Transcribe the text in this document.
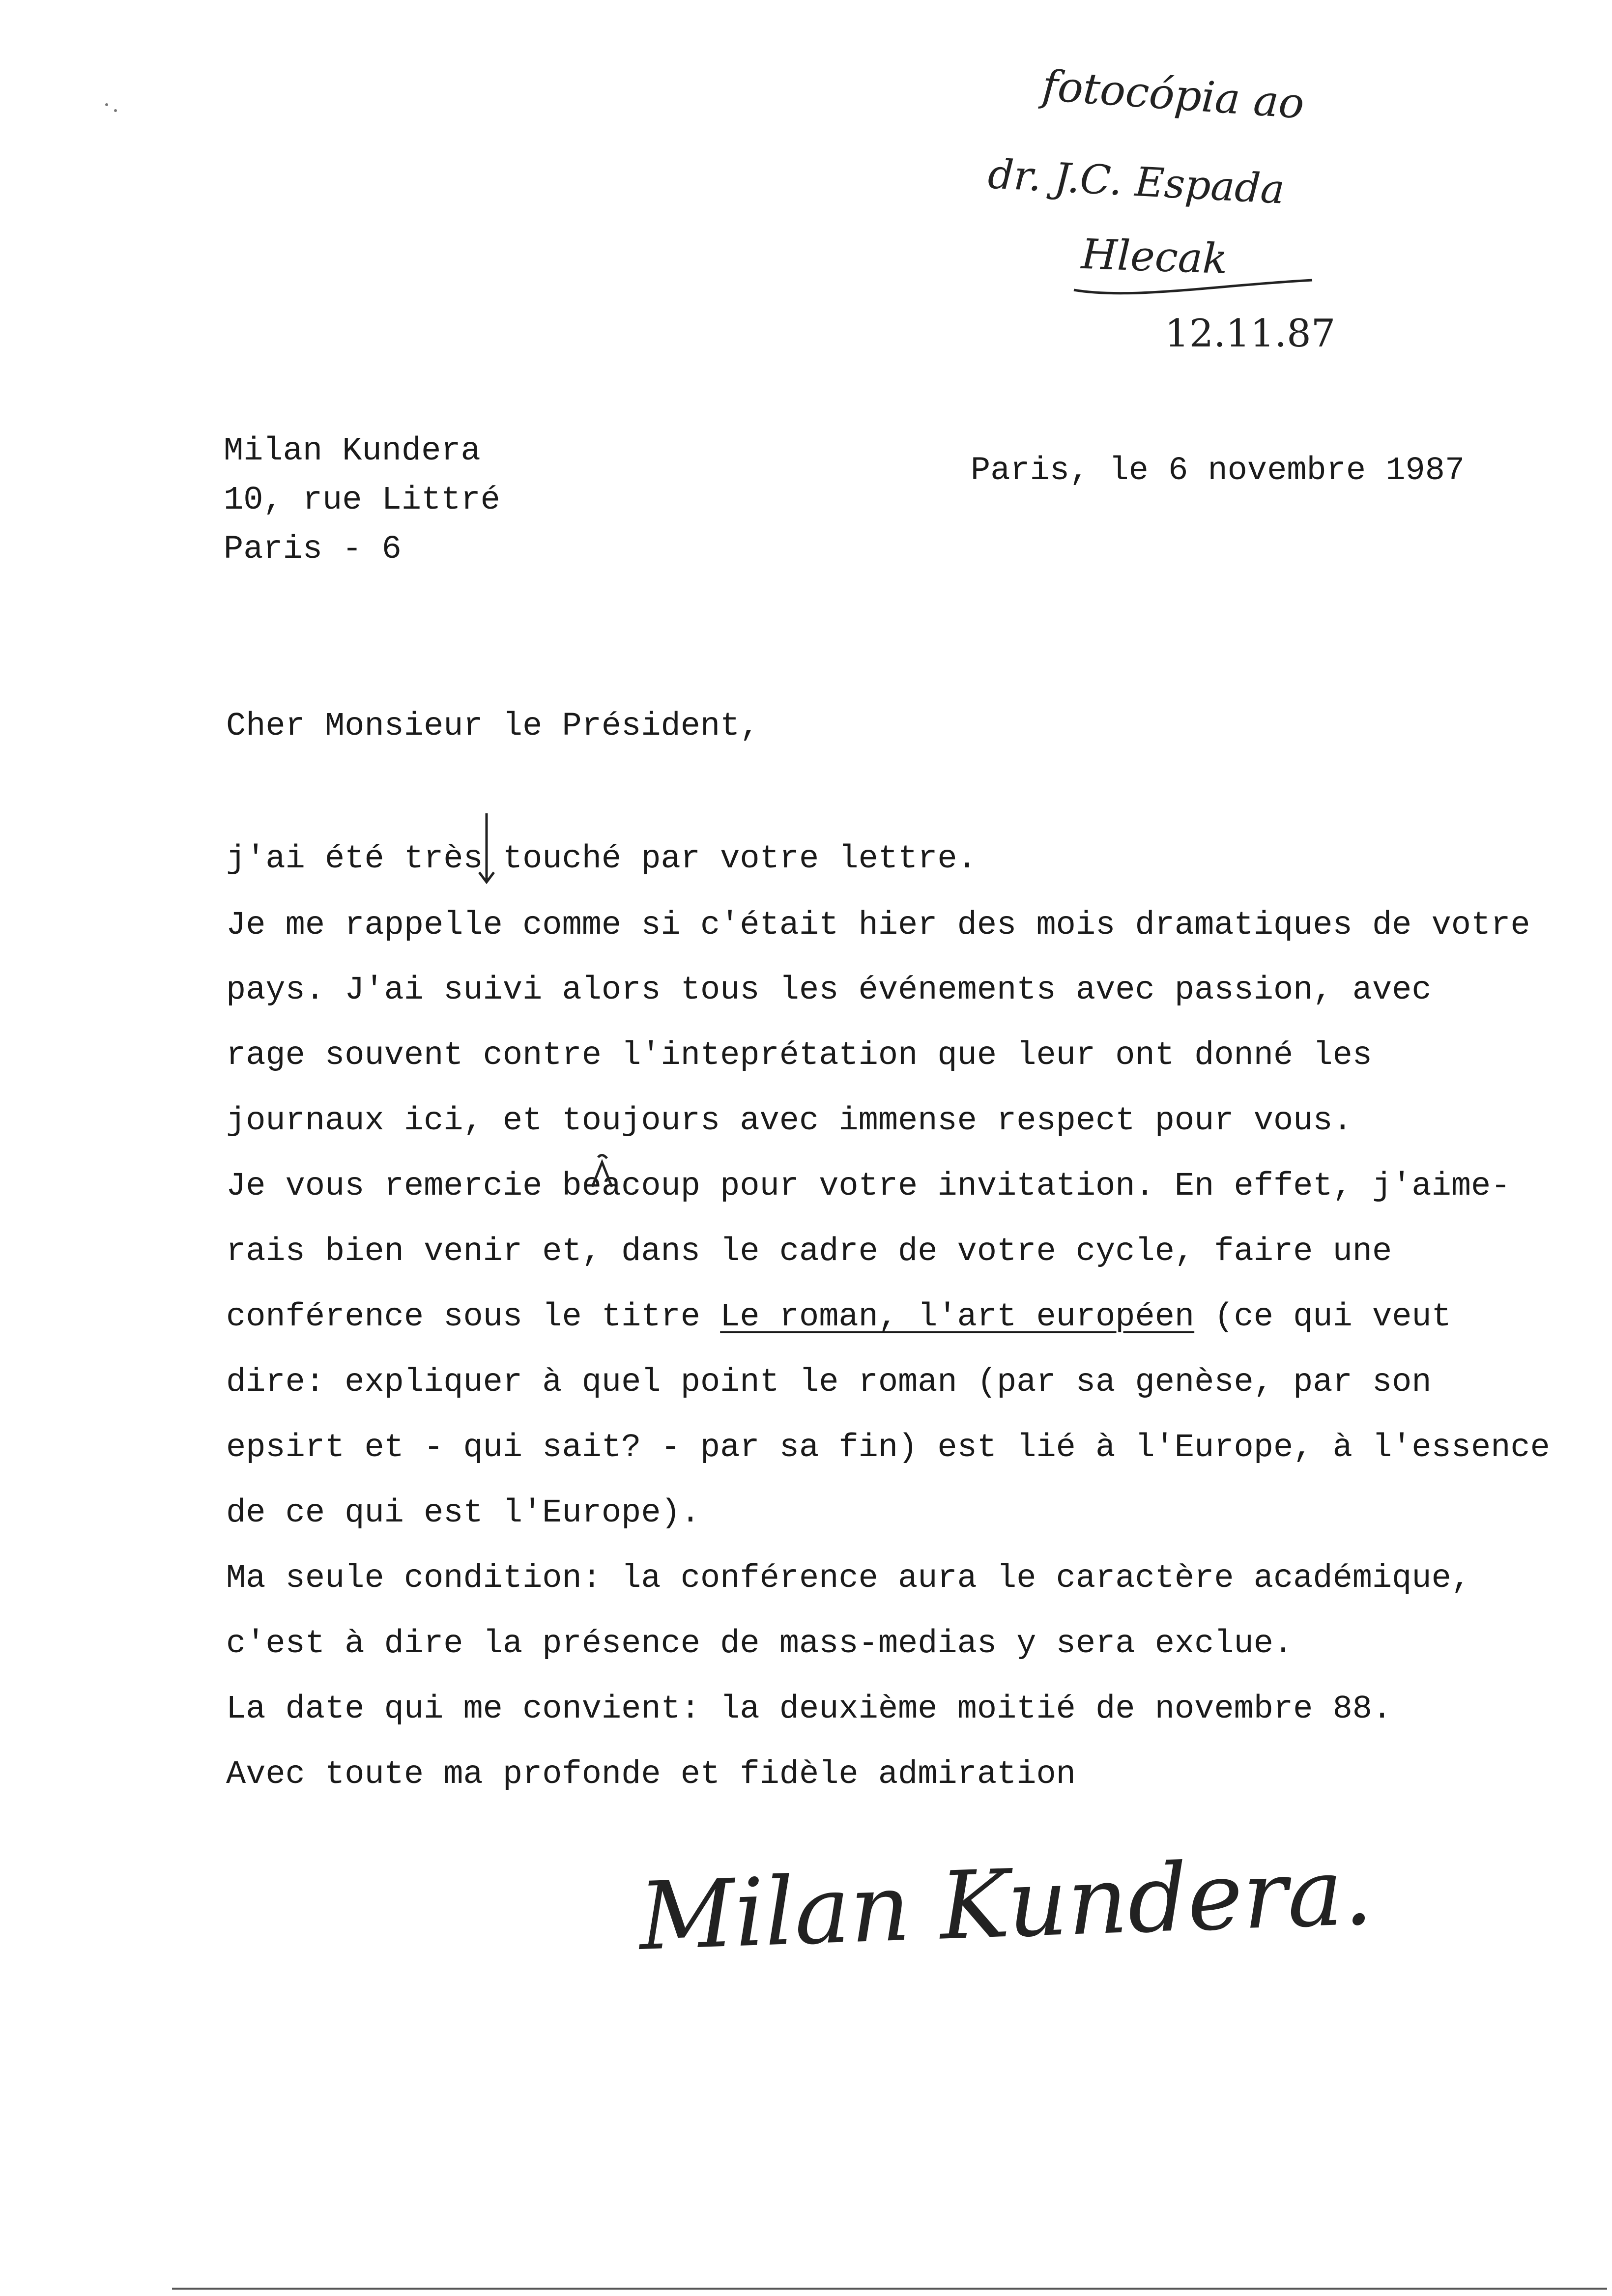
fotocópia ao
dr. J.C. Espada
Hlecak
12.11.87
Milan Kundera
10, rue Littré
Paris - 6
Paris, le 6 novembre 1987
Cher Monsieur le Président,
j'ai été très touché par votre lettre.
Je me rappelle comme si c'était hier des mois dramatiques de votre
pays. J'ai suivi alors tous les événements avec passion, avec
rage souvent contre l'inteprétation que leur ont donné les
journaux ici, et toujours avec immense respect pour vous.
Je vous remercie beacoup pour votre invitation. En effet, j'aime-
rais bien venir et, dans le cadre de votre cycle, faire une
conférence sous le titre Le roman, l'art européen (ce qui veut
dire: expliquer à quel point le roman (par sa genèse, par son
epsirt et - qui sait? - par sa fin) est lié à l'Europe, à l'essence
de ce qui est l'Europe).
Ma seule condition: la conférence aura le caractère académique,
c'est à dire la présence de mass-medias y sera exclue.
La date qui me convient: la deuxième moitié de novembre 88.
Avec toute ma profonde et fidèle admiration
Milan Kundera.
